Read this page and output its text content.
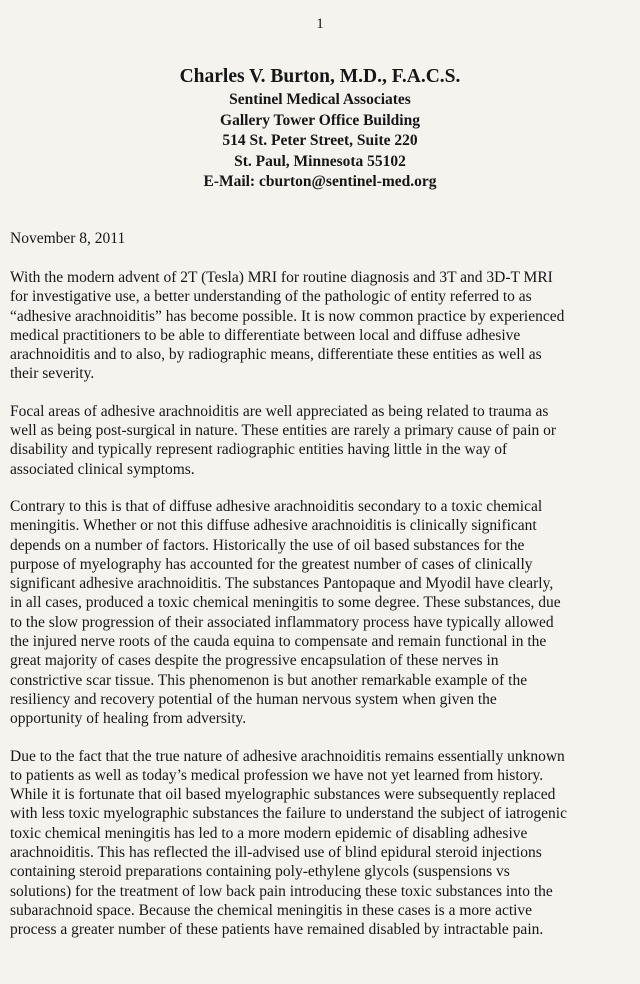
1
Charles V. Burton, M.D., F.A.C.S.
Sentinel Medical Associates
Gallery Tower Office Building
514 St. Peter Street, Suite 220
St. Paul, Minnesota 55102
E-Mail: cburton@sentinel-med.org
November 8, 2011

With the modern advent of 2T (Tesla) MRI for routine diagnosis and 3T and 3D-T MRI
for investigative use, a better understanding of the pathologic of entity referred to as
“adhesive arachnoiditis” has become possible. It is now common practice by experienced
medical practitioners to be able to differentiate between local and diffuse adhesive
arachnoiditis and to also, by radiographic means, differentiate these entities as well as
their severity.

Focal areas of adhesive arachnoiditis are well appreciated as being related to trauma as
well as being post-surgical in nature. These entities are rarely a primary cause of pain or
disability and typically represent radiographic entities having little in the way of
associated clinical symptoms.

Contrary to this is that of diffuse adhesive arachnoiditis secondary to a toxic chemical
meningitis. Whether or not this diffuse adhesive arachnoiditis is clinically significant
depends on a number of factors. Historically the use of oil based substances for the
purpose of myelography has accounted for the greatest number of cases of clinically
significant adhesive arachnoiditis. The substances Pantopaque and Myodil have clearly,
in all cases, produced a toxic chemical meningitis to some degree. These substances, due
to the slow progression of their associated inflammatory process have typically allowed
the injured nerve roots of the cauda equina to compensate and remain functional in the
great majority of cases despite the progressive encapsulation of these nerves in
constrictive scar tissue. This phenomenon is but another remarkable example of the
resiliency and recovery potential of the human nervous system when given the
opportunity of healing from adversity.

Due to the fact that the true nature of adhesive arachnoiditis remains essentially unknown
to patients as well as today’s medical profession we have not yet learned from history.
While it is fortunate that oil based myelographic substances were subsequently replaced
with less toxic myelographic substances the failure to understand the subject of iatrogenic
toxic chemical meningitis has led to a more modern epidemic of disabling adhesive
arachnoiditis. This has reflected the ill-advised use of blind epidural steroid injections
containing steroid preparations containing poly-ethylene glycols (suspensions vs
solutions) for the treatment of low back pain introducing these toxic substances into the
subarachnoid space. Because the chemical meningitis in these cases is a more active
process a greater number of these patients have remained disabled by intractable pain.
